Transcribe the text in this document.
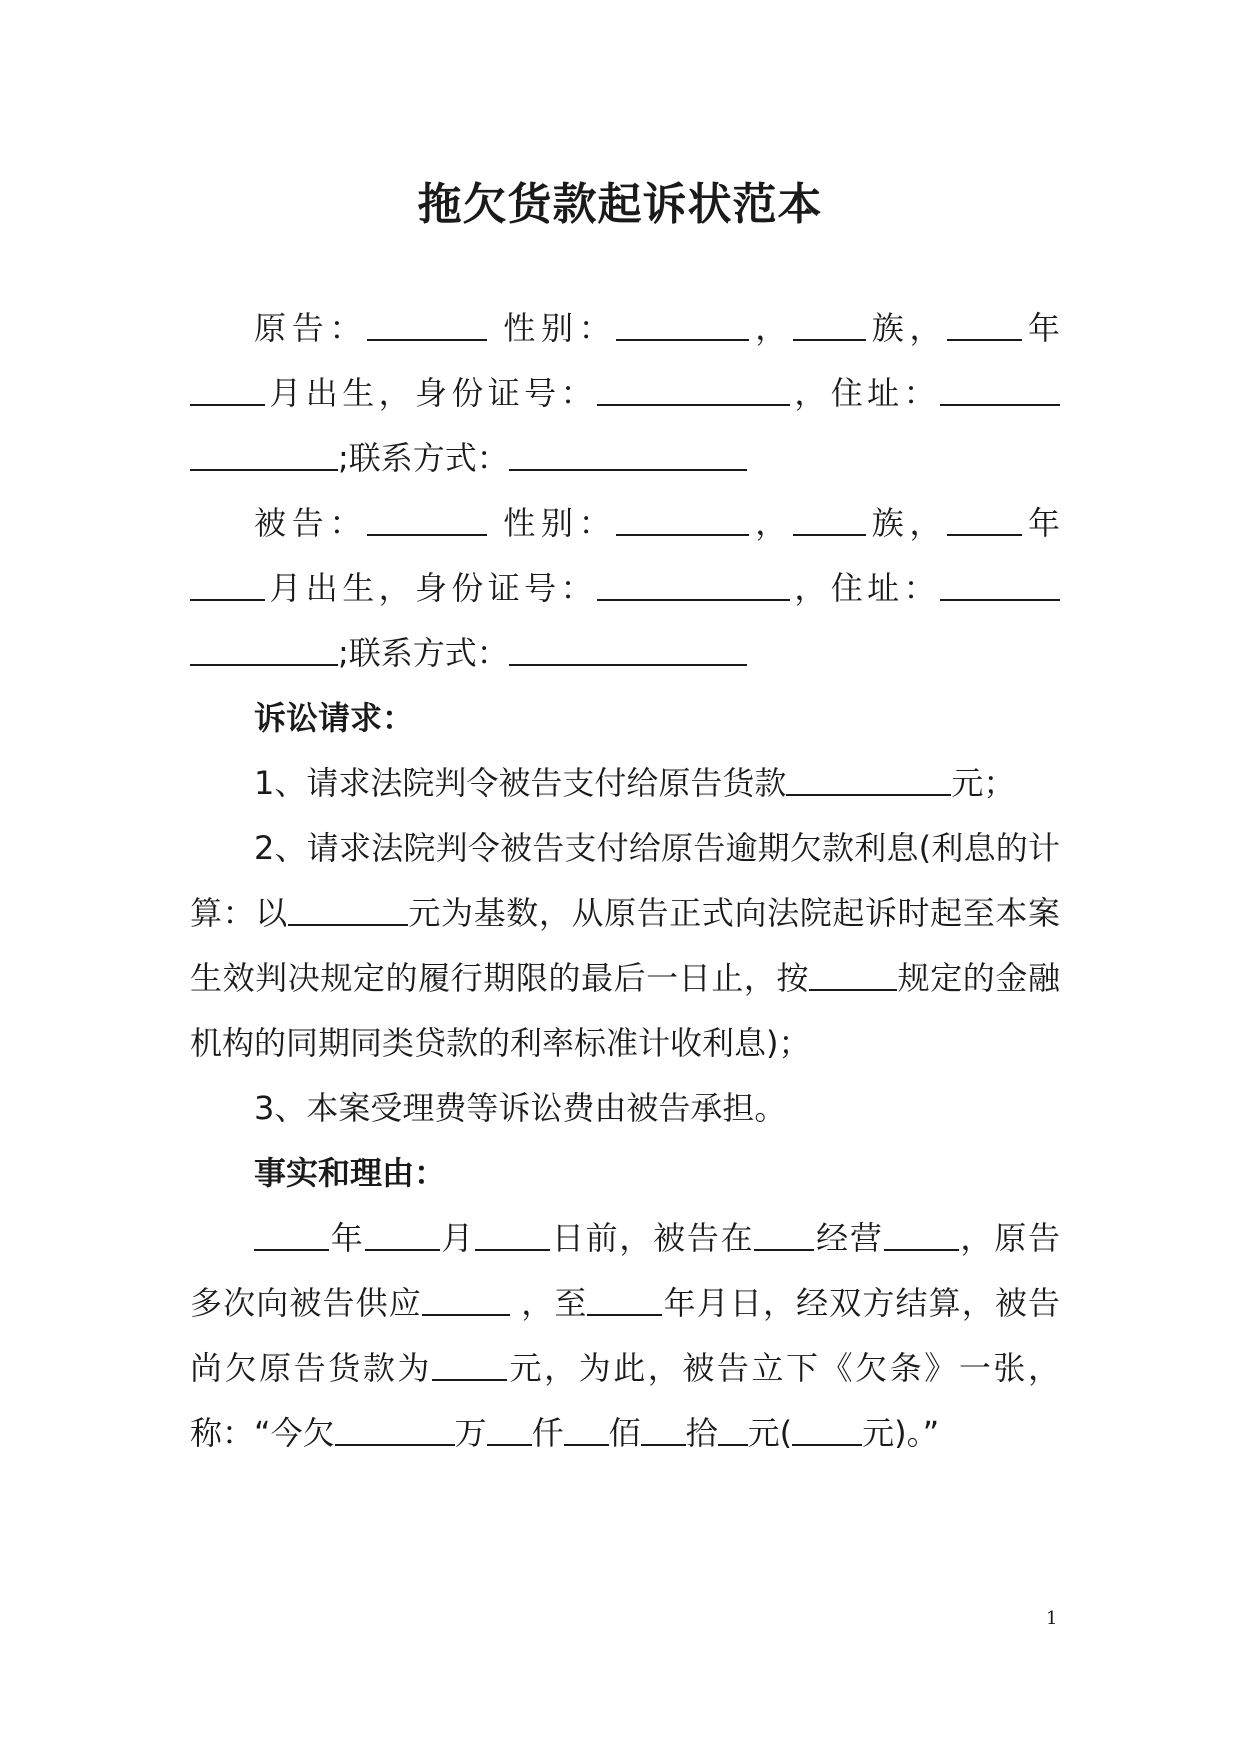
拖欠货款起诉状范本

原告：	性别：	， 族， 年月出生，身份证号：	，住址：;联系方式：

被告：	性别：	， 族， 年月出生，身份证号：	，住址：;联系方式：

诉讼请求：

1、请求法院判令被告支付给原告货款	元；

2、请求法院判令被告支付给原告逾期欠款利息(利息的计算：以	元为基数，从原告正式向法院起诉时起至本案生效判决规定的履行期限的最后一日止，按	规定的金融机构的同期同类贷款的利率标准计收利息)；

3、本案受理费等诉讼费由被告承担。

事实和理由：

年 月 日前，被告在 经营 ，原告多次向被告供应	，至 年月日，经双方结算，被告尚欠原告货款为 元，为此，被告立下《欠条》一张，称：“今欠	万 仟 佰 拾 元( 元)。”

1
